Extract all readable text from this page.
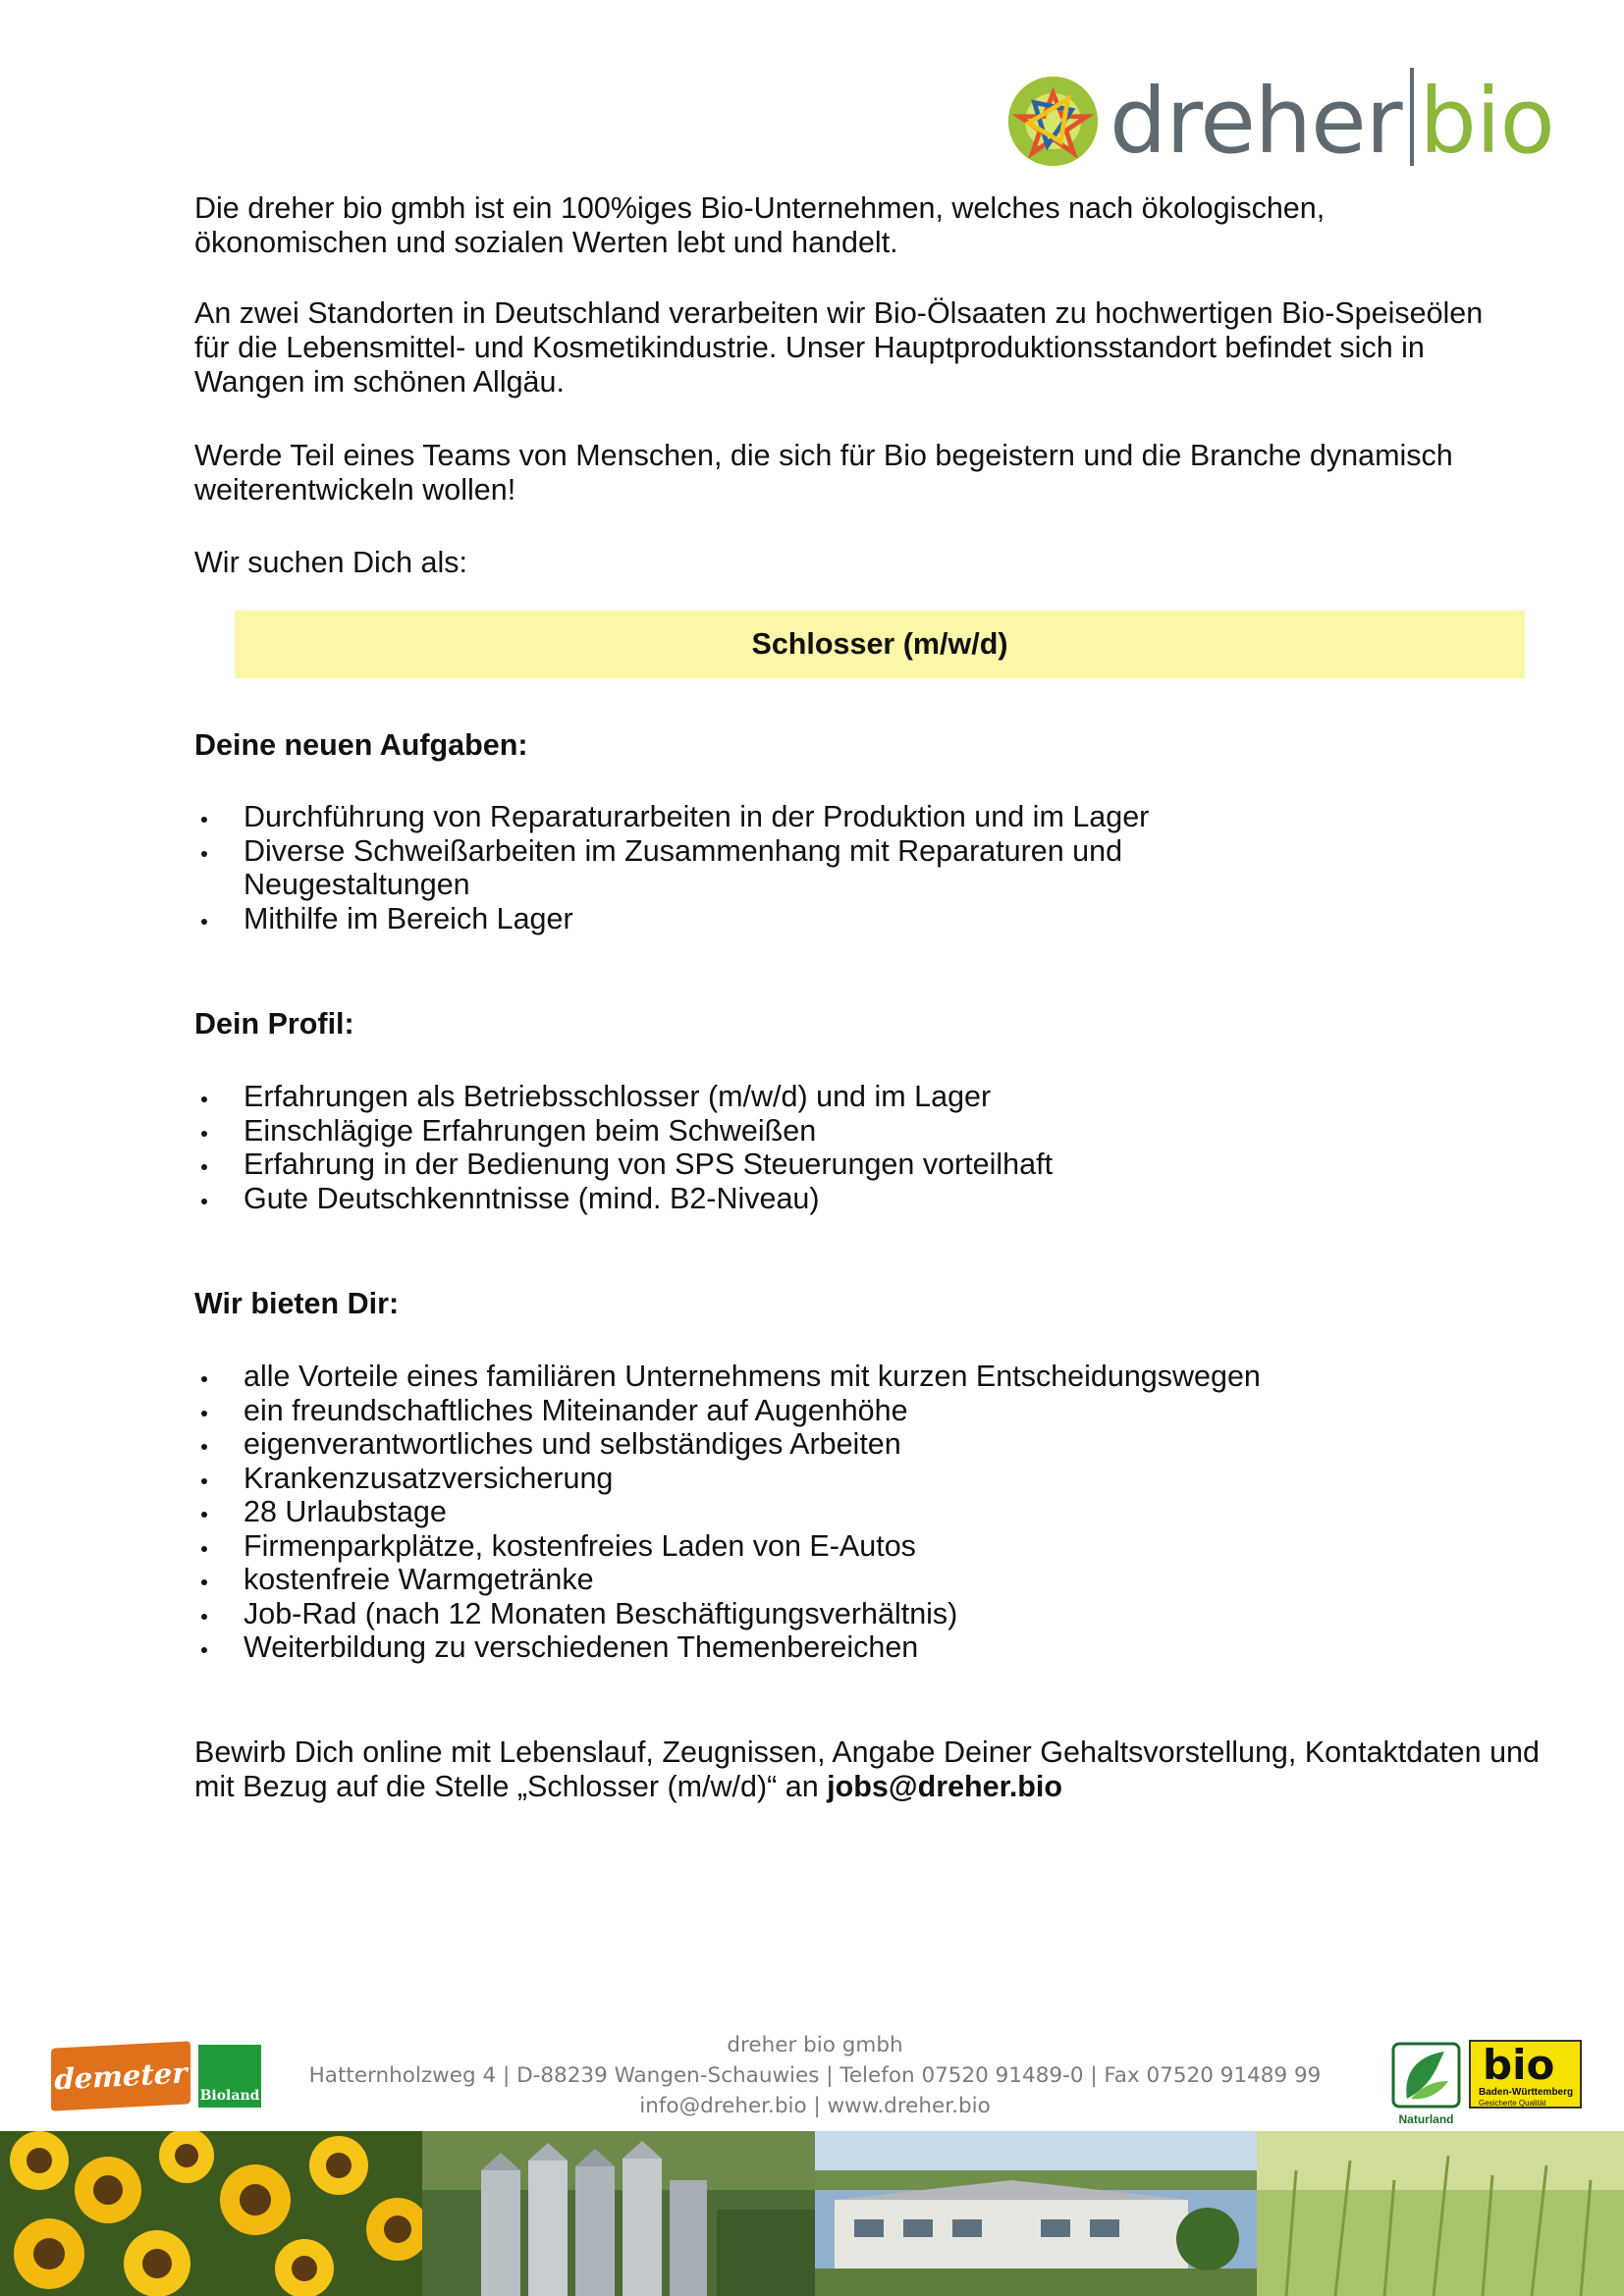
dreher bio

Die dreher bio gmbh ist ein 100%iges Bio-Unternehmen, welches nach ökologischen, ökonomischen und sozialen Werten lebt und handelt.

An zwei Standorten in Deutschland verarbeiten wir Bio-Ölsaaten zu hochwertigen Bio-Speiseölen für die Lebensmittel- und Kosmetikindustrie. Unser Hauptproduktionsstandort befindet sich in Wangen im schönen Allgäu.

Werde Teil eines Teams von Menschen, die sich für Bio begeistern und die Branche dynamisch weiterentwickeln wollen!

Wir suchen Dich als:

Schlosser (m/w/d)
Deine neuen Aufgaben:
Durchführung von Reparaturarbeiten in der Produktion und im Lager
Diverse Schweißarbeiten im Zusammenhang mit Reparaturen und Neugestaltungen
Mithilfe im Bereich Lager
Dein Profil:
Erfahrungen als Betriebsschlosser (m/w/d) und im Lager
Einschlägige Erfahrungen beim Schweißen
Erfahrung in der Bedienung von SPS Steuerungen vorteilhaft
Gute Deutschkenntnisse (mind. B2-Niveau)
Wir bieten Dir:
alle Vorteile eines familiären Unternehmens mit kurzen Entscheidungswegen
ein freundschaftliches Miteinander auf Augenhöhe
eigenverantwortliches und selbständiges Arbeiten
Krankenzusatzversicherung
28 Urlaubstage
Firmenparkplätze, kostenfreies Laden von E-Autos
kostenfreie Warmgetränke
Job-Rad (nach 12 Monaten Beschäftigungsverhältnis)
Weiterbildung zu verschiedenen Themenbereichen
Bewirb Dich online mit Lebenslauf, Zeugnissen, Angabe Deiner Gehaltsvorstellung, Kontaktdaten und mit Bezug auf die Stelle „Schlosser (m/w/d)“ an jobs@dreher.bio
demeter Bioland
dreher bio gmbh
Hatternholzweg 4 | D-88239 Wangen-Schauwies | Telefon 07520 91489-0 | Fax 07520 91489 99
info@dreher.bio | www.dreher.bio
Naturland
bio
Baden-Württemberg
Gesicherte Qualität
